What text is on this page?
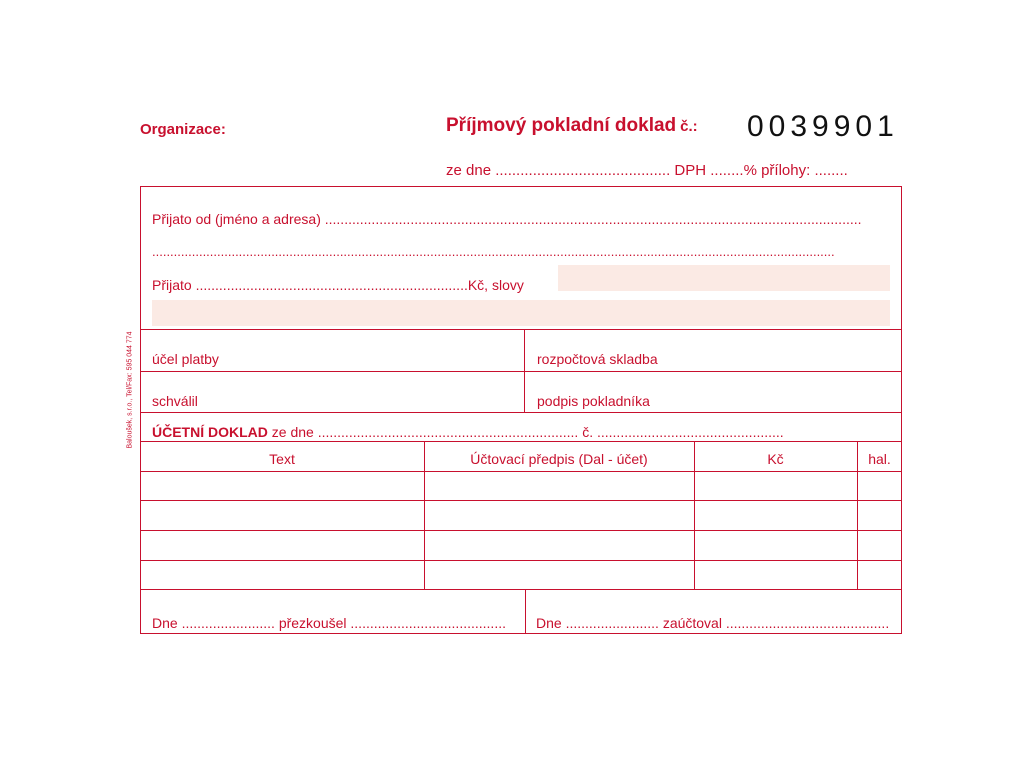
Organizace:	Příjmový pokladní doklad č.: 0039901
ze dne .......................................... DPH ........% přílohy: ........
Baloušek, s.r.o., Tel/Fax: 595 044 774
Přijato od (jméno a adresa) ..........................................................................................................................................
.............................................................................................................................................................................................
Přijato ......................................................................Kč, slovy
účel platby	rozpočtová skladba
schválil	podpis pokladníka
ÚČETNÍ DOKLAD ze dne ................................................................... č. ................................................
Text	Účtovací předpis (Dal - účet)	Kč	hal.
Dne ........................ přezkoušel ........................................ Dne ........................ zaúčtoval ..........................................
